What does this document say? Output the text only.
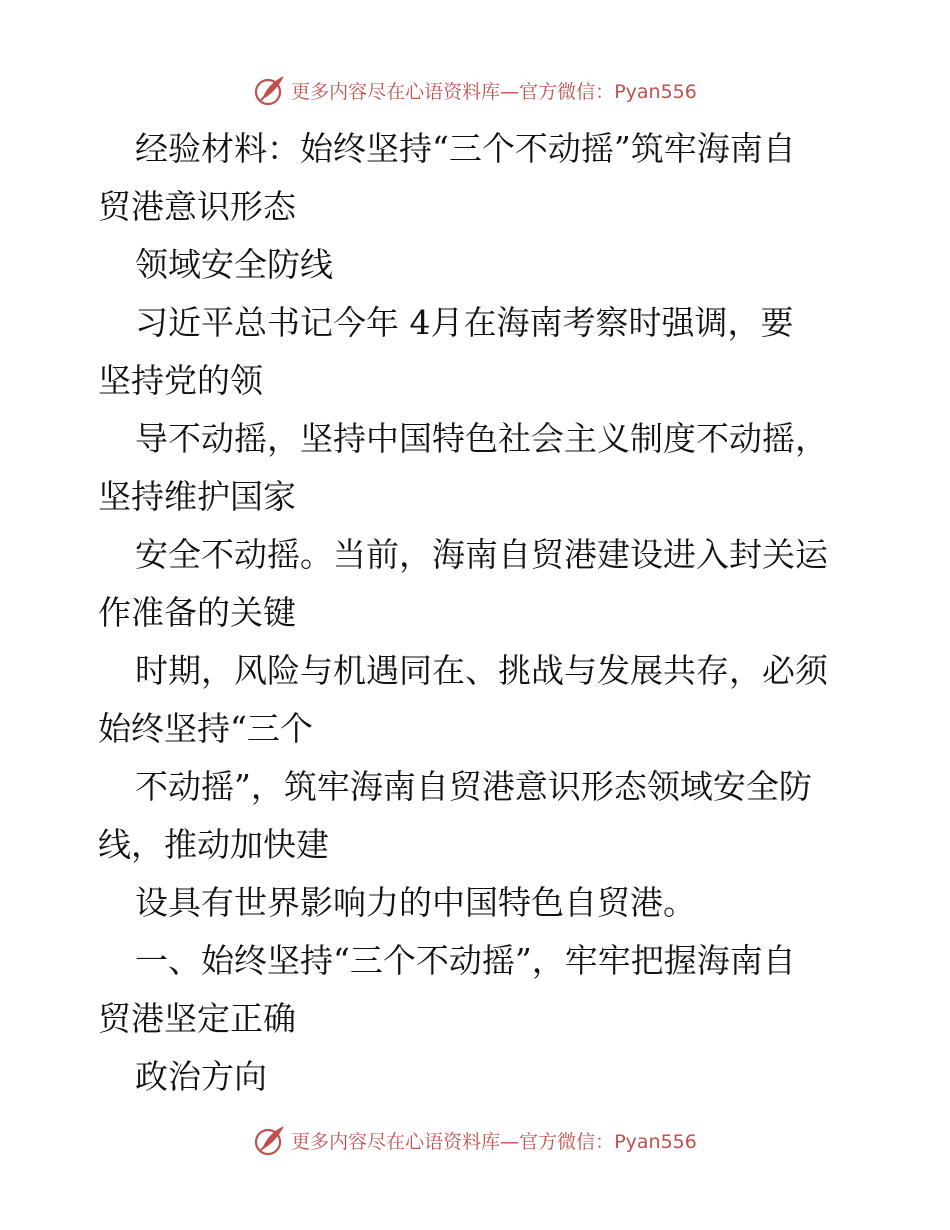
更多内容尽在心语资料库—官方微信：Pyan556

经验材料：始终坚持“三个不动摇”筑牢海南自
贸港意识形态

领域安全防线

习近平总书记今年 4月在海南考察时强调，要
坚持党的领

导不动摇，坚持中国特色社会主义制度不动摇，
坚持维护国家

安全不动摇。当前，海南自贸港建设进入封关运
作准备的关键

时期，风险与机遇同在、挑战与发展共存，必须
始终坚持“三个

不动摇”，筑牢海南自贸港意识形态领域安全防
线，推动加快建

设具有世界影响力的中国特色自贸港。

一、始终坚持“三个不动摇”，牢牢把握海南自
贸港坚定正确

政治方向

更多内容尽在心语资料库—官方微信：Pyan556
